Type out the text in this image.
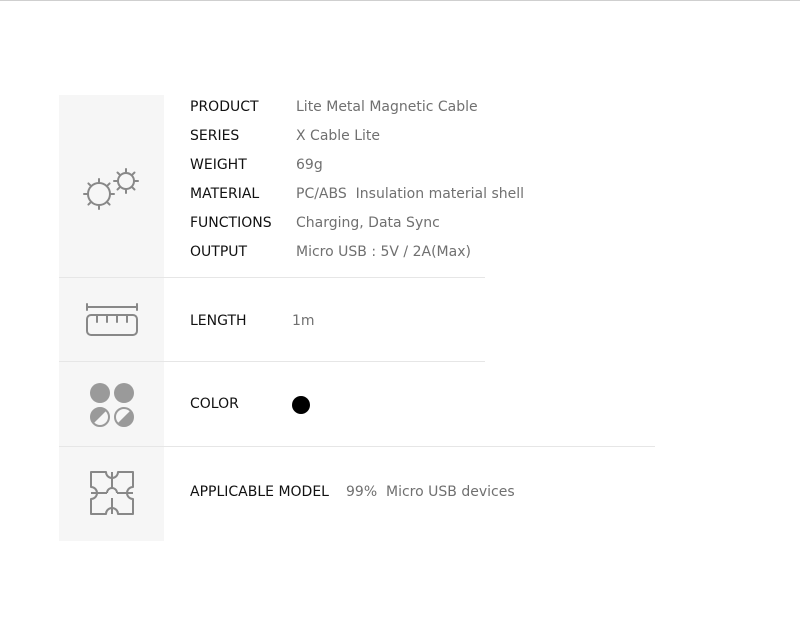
PRODUCT	Lite Metal Magnetic Cable
SERIES	X Cable Lite
WEIGHT	69g
MATERIAL	PC/ABS  Insulation material shell
FUNCTIONS Charging, Data Sync
OUTPUT	Micro USB : 5V / 2A(Max)
LENGTH	1m
COLOR
APPLICABLE MODEL 99%  Micro USB devices
